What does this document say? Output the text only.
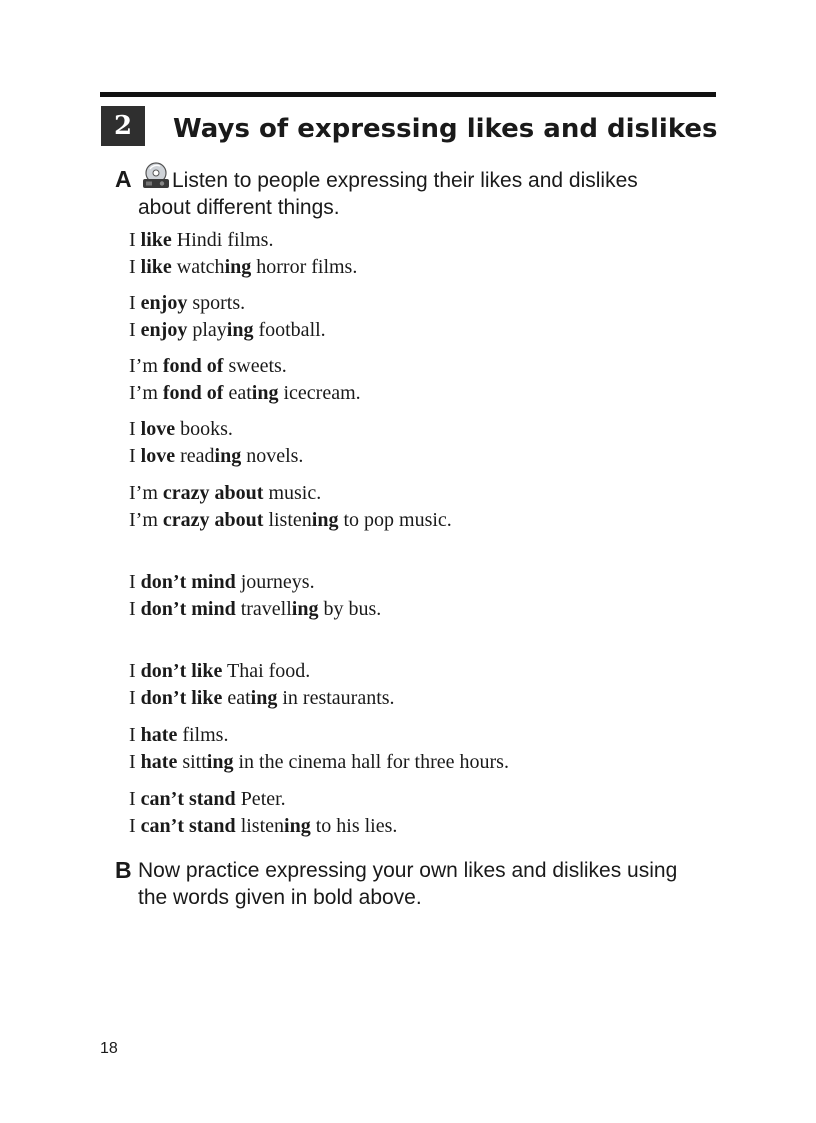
2	Ways of expressing likes and dislikes
A	Listen to people expressing their likes and dislikes
about different things.
I like Hindi films.
I like watching horror films.
I enjoy sports.
I enjoy playing football.
I’m fond of sweets.
I’m fond of eating icecream.
I love books.
I love reading novels.
I’m crazy about music.
I’m crazy about listening to pop music.
I don’t mind journeys.
I don’t mind travelling by bus.
I don’t like Thai food.
I don’t like eating in restaurants.
I hate films.
I hate sitting in the cinema hall for three hours.
I can’t stand Peter.
I can’t stand listening to his lies.
B Now practice expressing your own likes and dislikes using
the words given in bold above.
18
